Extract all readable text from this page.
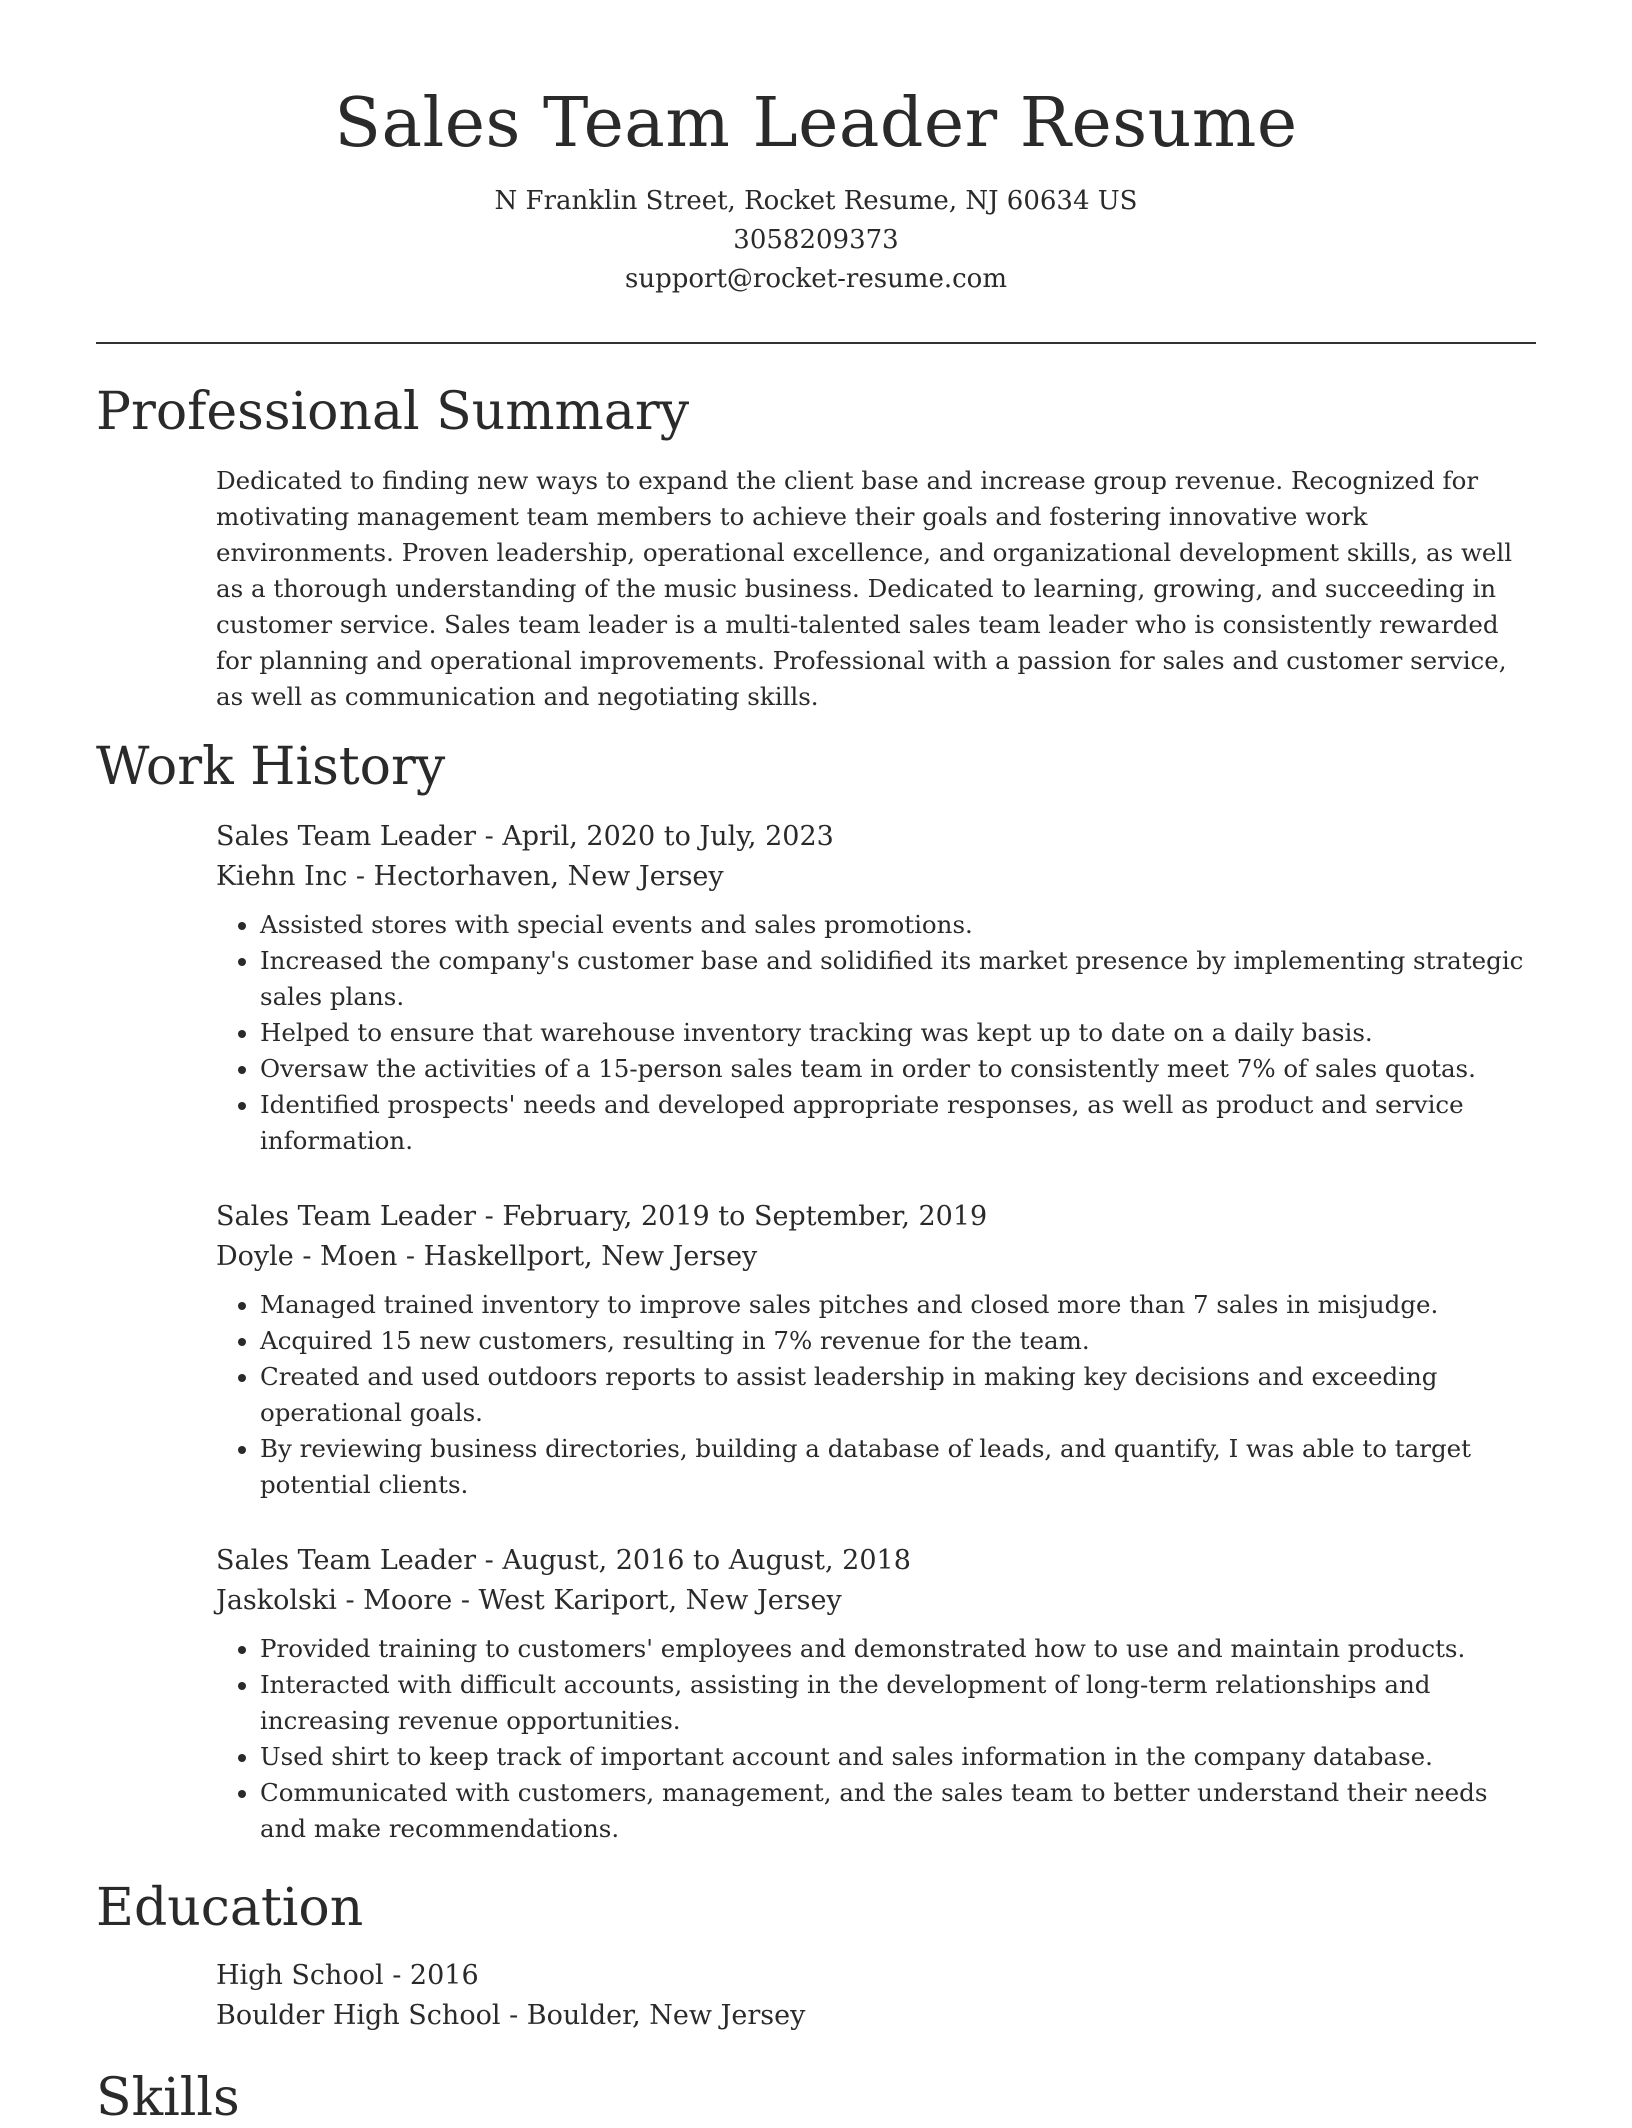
Sales Team Leader Resume
N Franklin Street, Rocket Resume, NJ 60634 US
3058209373
support@rocket-resume.com
Professional Summary
Dedicated to finding new ways to expand the client base and increase group revenue. Recognized for motivating management team members to achieve their goals and fostering innovative work environments. Proven leadership, operational excellence, and organizational development skills, as well as a thorough understanding of the music business. Dedicated to learning, growing, and succeeding in customer service. Sales team leader is a multi-talented sales team leader who is consistently rewarded for planning and operational improvements. Professional with a passion for sales and customer service, as well as communication and negotiating skills.
Work History
Sales Team Leader - April, 2020 to July, 2023
Kiehn Inc - Hectorhaven, New Jersey
• Assisted stores with special events and sales promotions.
• Increased the company's customer base and solidified its market presence by implementing strategic sales plans.
• Helped to ensure that warehouse inventory tracking was kept up to date on a daily basis.
• Oversaw the activities of a 15-person sales team in order to consistently meet 7% of sales quotas.
• Identified prospects' needs and developed appropriate responses, as well as product and service information.
Sales Team Leader - February, 2019 to September, 2019
Doyle - Moen - Haskellport, New Jersey
• Managed trained inventory to improve sales pitches and closed more than 7 sales in misjudge.
• Acquired 15 new customers, resulting in 7% revenue for the team.
• Created and used outdoors reports to assist leadership in making key decisions and exceeding operational goals.
• By reviewing business directories, building a database of leads, and quantify, I was able to target potential clients.
Sales Team Leader - August, 2016 to August, 2018
Jaskolski - Moore - West Kariport, New Jersey
• Provided training to customers' employees and demonstrated how to use and maintain products.
• Interacted with difficult accounts, assisting in the development of long-term relationships and increasing revenue opportunities.
• Used shirt to keep track of important account and sales information in the company database.
• Communicated with customers, management, and the sales team to better understand their needs and make recommendations.
Education
High School - 2016
Boulder High School - Boulder, New Jersey
Skills
